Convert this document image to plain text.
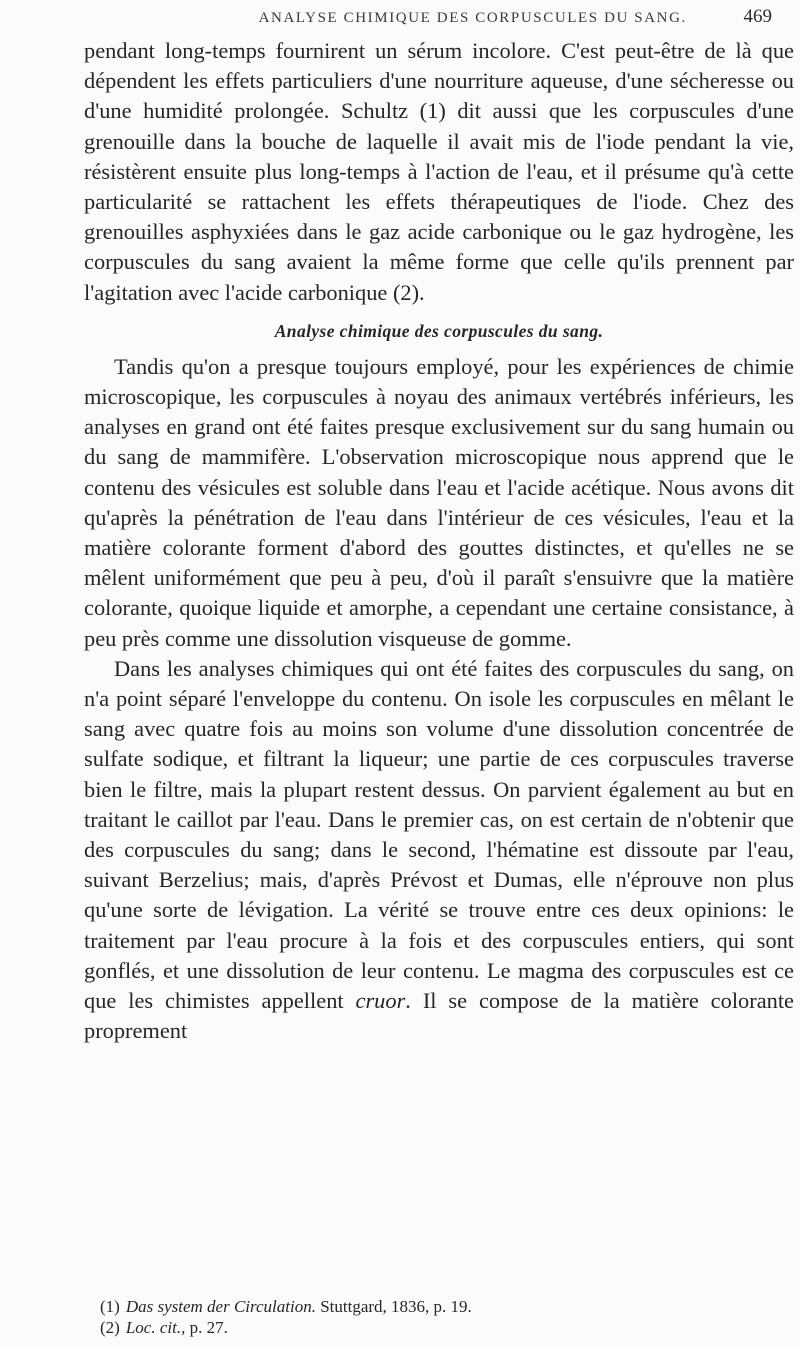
ANALYSE CHIMIQUE DES CORPUSCULES DU SANG.	469

pendant long-temps fournirent un sérum incolore. C'est peut-être de là que dépendent les effets particuliers d'une nourriture aqueuse, d'une sécheresse ou d'une humidité prolongée. Schultz (1) dit aussi que les corpuscules d'une grenouille dans la bouche de laquelle il avait mis de l'iode pendant la vie, résistèrent ensuite plus long-temps à l'action de l'eau, et il présume qu'à cette particularité se rattachent les effets thérapeutiques de l'iode. Chez des grenouilles asphyxiées dans le gaz acide carbonique ou le gaz hydrogène, les corpuscules du sang avaient la même forme que celle qu'ils prennent par l'agitation avec l'acide carbonique (2).

Analyse chimique des corpuscules du sang.

Tandis qu'on a presque toujours employé, pour les expériences de chimie microscopique, les corpuscules à noyau des animaux vertébrés inférieurs, les analyses en grand ont été faites presque exclusivement sur du sang humain ou du sang de mammifère. L'observation microscopique nous apprend que le contenu des vésicules est soluble dans l'eau et l'acide acétique. Nous avons dit qu'après la pénétration de l'eau dans l'intérieur de ces vésicules, l'eau et la matière colorante forment d'abord des gouttes distinctes, et qu'elles ne se mêlent uniformément que peu à peu, d'où il paraît s'ensuivre que la matière colorante, quoique liquide et amorphe, a cependant une certaine consistance, à peu près comme une dissolution visqueuse de gomme.

Dans les analyses chimiques qui ont été faites des corpuscules du sang, on n'a point séparé l'enveloppe du contenu. On isole les corpuscules en mêlant le sang avec quatre fois au moins son volume d'une dissolution concentrée de sulfate sodique, et filtrant la liqueur; une partie de ces corpuscules traverse bien le filtre, mais la plupart restent dessus. On parvient également au but en traitant le caillot par l'eau. Dans le premier cas, on est certain de n'obtenir que des corpuscules du sang; dans le second, l'hématine est dissoute par l'eau, suivant Berzelius; mais, d'après Prévost et Dumas, elle n'éprouve non plus qu'une sorte de lévigation. La vérité se trouve entre ces deux opinions: le traitement par l'eau procure à la fois et des corpuscules entiers, qui sont gonflés, et une dissolution de leur contenu. Le magma des corpuscules est ce que les chimistes appellent cruor. Il se compose de la matière colorante proprement

(1) Das system der Circulation. Stuttgard, 1836, p. 19.

(2) Loc. cit., p. 27.
